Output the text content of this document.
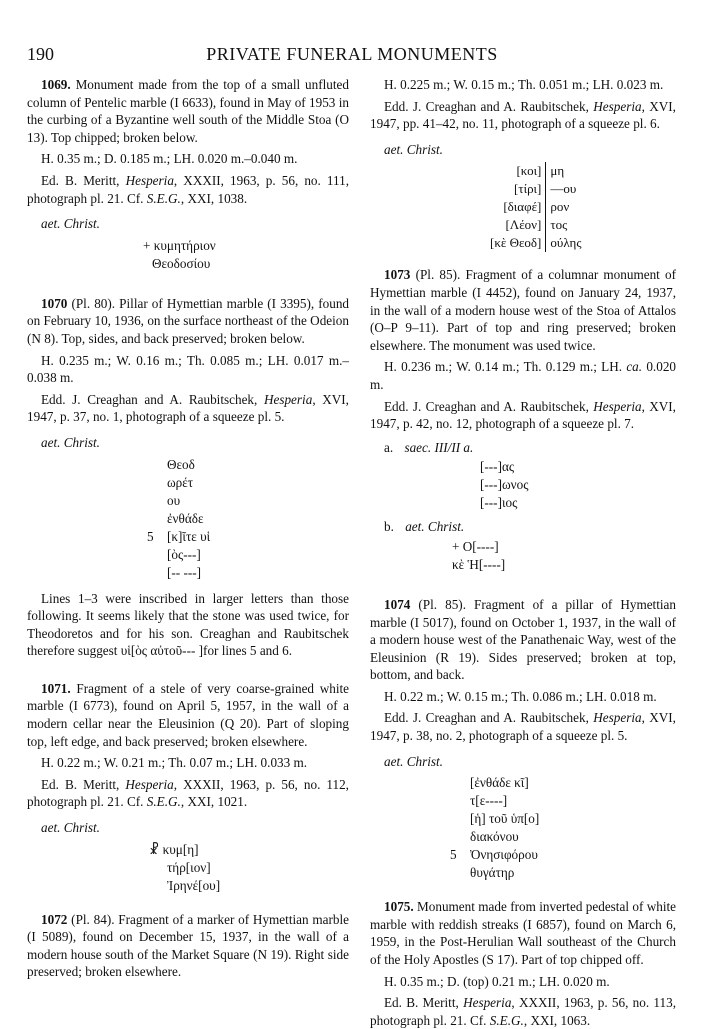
PRIVATE FUNERAL MONUMENTS
190

1069. Monument made from the top of a small unfluted column of Pentelic marble (I 6633), found in May of 1953 in the curbing of a Byzantine well south of the Middle Stoa (O 13). Top chipped; broken below.

H. 0.35 m.; D. 0.185 m.; LH. 0.020 m.–0.040 m.

Ed. B. Meritt, Hesperia, XXXII, 1963, p. 56, no. 111, photograph pl. 21. Cf. S.E.G., XXI, 1038.

aet. Christ.
+ κυμητήριον
Θεοδοσίου

1070 (Pl. 80). Pillar of Hymettian marble (I 3395), found on February 10, 1936, on the surface northeast of the Odeion (N 8). Top, sides, and back preserved; broken below.

H. 0.235 m.; W. 0.16 m.; Th. 0.085 m.; LH. 0.017 m.–0.038 m.

Edd. J. Creaghan and A. Raubitschek, Hesperia, XVI, 1947, p. 37, no. 1, photograph of a squeeze pl. 5.

aet. Christ.
Θεοδ
ωρέτ
ου
ἐνθάδε
5 [κ]ῖτε υἱ
[ὸς---]
[-- ---]

Lines 1–3 were inscribed in larger letters than those following. It seems likely that the stone was used twice, for Theodoretos and for his son. Creaghan and Raubitschek therefore suggest υἱ[ὸς αὐτοῦ--- ]for lines 5 and 6.

1071. Fragment of a stele of very coarse-grained white marble (I 6773), found on April 5, 1957, in the wall of a modern cellar near the Eleusinion (Q 20). Part of sloping top, left edge, and back preserved; broken elsewhere.

H. 0.22 m.; W. 0.21 m.; Th. 0.07 m.; LH. 0.033 m.

Ed. B. Meritt, Hesperia, XXXII, 1963, p. 56, no. 112, photograph pl. 21. Cf. S.E.G., XXI, 1021.

aet. Christ.
☧ κυμ[η]
τήρ[ιον]
Ἰρηνέ[ου]

1072 (Pl. 84). Fragment of a marker of Hymettian marble (I 5089), found on December 15, 1937, in the wall of a modern house south of the Market Square (N 19). Right side preserved; broken elsewhere.

H. 0.225 m.; W. 0.15 m.; Th. 0.051 m.; LH. 0.023 m.

Edd. J. Creaghan and A. Raubitschek, Hesperia, XVI, 1947, pp. 41–42, no. 11, photograph of a squeeze pl. 6.

aet. Christ.
[κοι]	μη
[τίρι]	—ου
[διαφέ]	ρον
[Λέον]	τος
[κὲ Θεοδ]	ούλης

1073 (Pl. 85). Fragment of a columnar monument of Hymettian marble (I 4452), found on January 24, 1937, in the wall of a modern house west of the Stoa of Attalos (O–P 9–11). Part of top and ring preserved; broken elsewhere. The monument was used twice.

H. 0.236 m.; W. 0.14 m.; Th. 0.129 m.; LH. ca. 0.020 m.

Edd. J. Creaghan and A. Raubitschek, Hesperia, XVI, 1947, p. 42, no. 12, photograph of a squeeze pl. 7.

a. saec. III/II a.
[---]ας
[---]ωνος
[---]ιος
b. aet. Christ.
+ Ο[----]
κὲ Ἡ[----]

1074 (Pl. 85). Fragment of a pillar of Hymettian marble (I 5017), found on October 1, 1937, in the wall of a modern house west of the Panathenaic Way, west of the Eleusinion (R 19). Sides preserved; broken at top, bottom, and back.

H. 0.22 m.; W. 0.15 m.; Th. 0.086 m.; LH. 0.018 m.

Edd. J. Creaghan and A. Raubitschek, Hesperia, XVI, 1947, p. 38, no. 2, photograph of a squeeze pl. 5.

aet. Christ.
[ἐνθάδε κῖ]
τ[ε----]
[ἡ] τοῦ ὑπ[ο]
διακόνου
5 Ὀνησιφόρου
θυγάτηρ

1075. Monument made from inverted pedestal of white marble with reddish streaks (I 6857), found on March 6, 1959, in the Post-Herulian Wall southeast of the Church of the Holy Apostles (S 17). Part of top chipped off.

H. 0.35 m.; D. (top) 0.21 m.; LH. 0.020 m.

Ed. B. Meritt, Hesperia, XXXII, 1963, p. 56, no. 113, photograph pl. 21. Cf. S.E.G., XXI, 1063.
